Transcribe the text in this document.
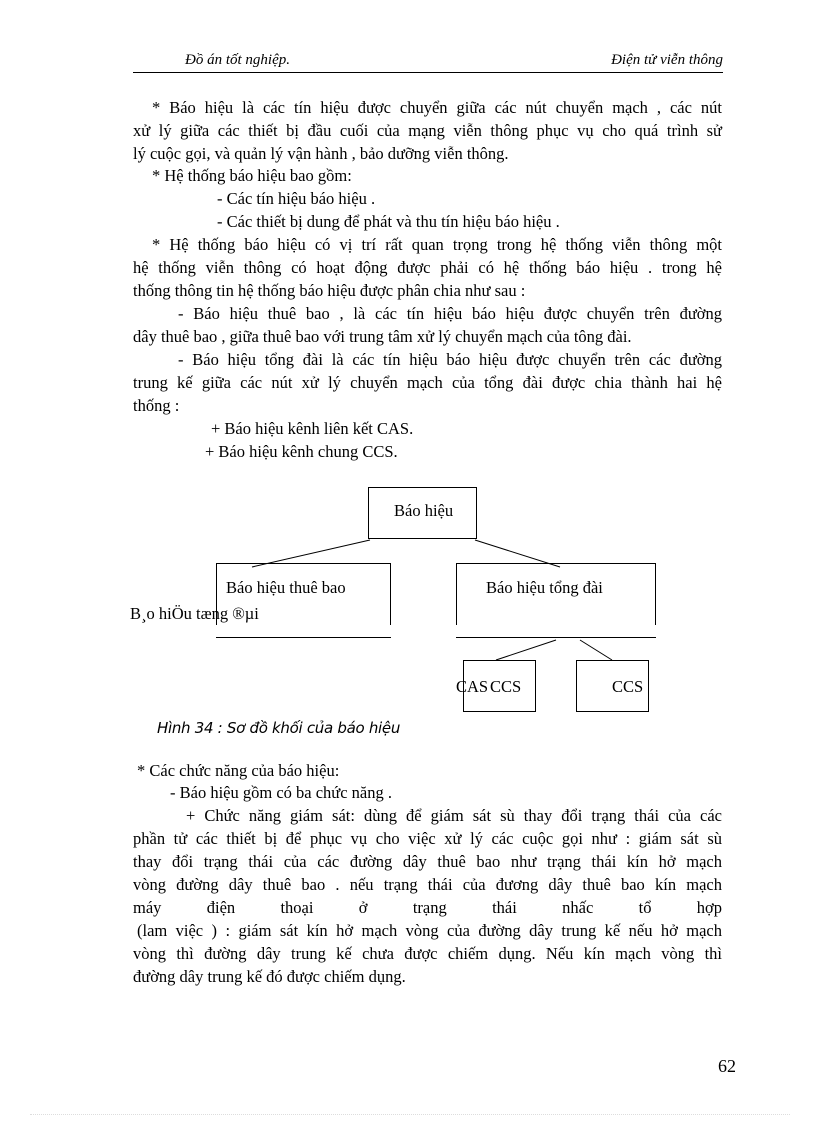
Đồ án tốt nghiệp.	Điện tử viễn thông
* Báo hiệu là các tín hiệu được chuyển giữa các nút chuyển mạch , các nút
xử lý giữa các thiết bị đầu cuối của mạng viễn thông phục vụ cho quá trình sử
lý cuộc gọi, và quản lý vận hành , bảo dưỡng viễn thông.
* Hệ thống báo hiệu bao gồm:
- Các tín hiệu báo hiệu .
- Các thiết bị dung để phát và thu tín hiệu báo hiệu .
* Hệ thống báo hiệu có vị trí rất quan trọng trong hệ thống viễn thông một
hệ thống viễn thông có hoạt động được phải có hệ thống báo hiệu . trong hệ
thống thông tin hệ thống báo hiệu được phân chia như sau :
- Báo hiệu thuê bao , là các tín hiệu báo hiệu được chuyển trên đường
dây thuê bao , giữa thuê bao với trung tâm xử lý chuyển mạch của tông đài.
- Báo hiệu tổng đài là các tín hiệu báo hiệu được chuyển trên các đường
trung kế giữa các nút xử lý chuyển mạch của tổng đài được chia thành hai hệ
thống :
+ Báo hiệu kênh liên kết CAS.
+ Báo hiệu kênh chung CCS.
Báo hiệu
Báo hiệu thuê bao
B¸o hiÖu tæng ®µi
Báo hiệu tổng đài
CAS CCS	CCS
Hình 34 : Sơ đồ khối của báo hiệu
* Các chức năng của báo hiệu:
- Báo hiệu gồm có ba chức năng .
+ Chức năng giám sát: dùng để giám sát sù thay đổi trạng thái của các
phần tử các thiết bị để phục vụ cho việc xử lý các cuộc gọi như : giám sát sù
thay đổi trạng thái của các đường dây thuê bao như trạng thái kín hở mạch
vòng đường dây thuê bao . nếu trạng thái của đương dây thuê bao kín mạch
máy điện thoại ở trạng thái nhấc tổ hợp
(lam việc ) : giám sát kín hở mạch vòng của đường dây trung kế nếu hở mạch
vòng thì đường dây trung kế chưa được chiếm dụng. Nếu kín mạch vòng thì
đường dây trung kế đó được chiếm dụng.
62
